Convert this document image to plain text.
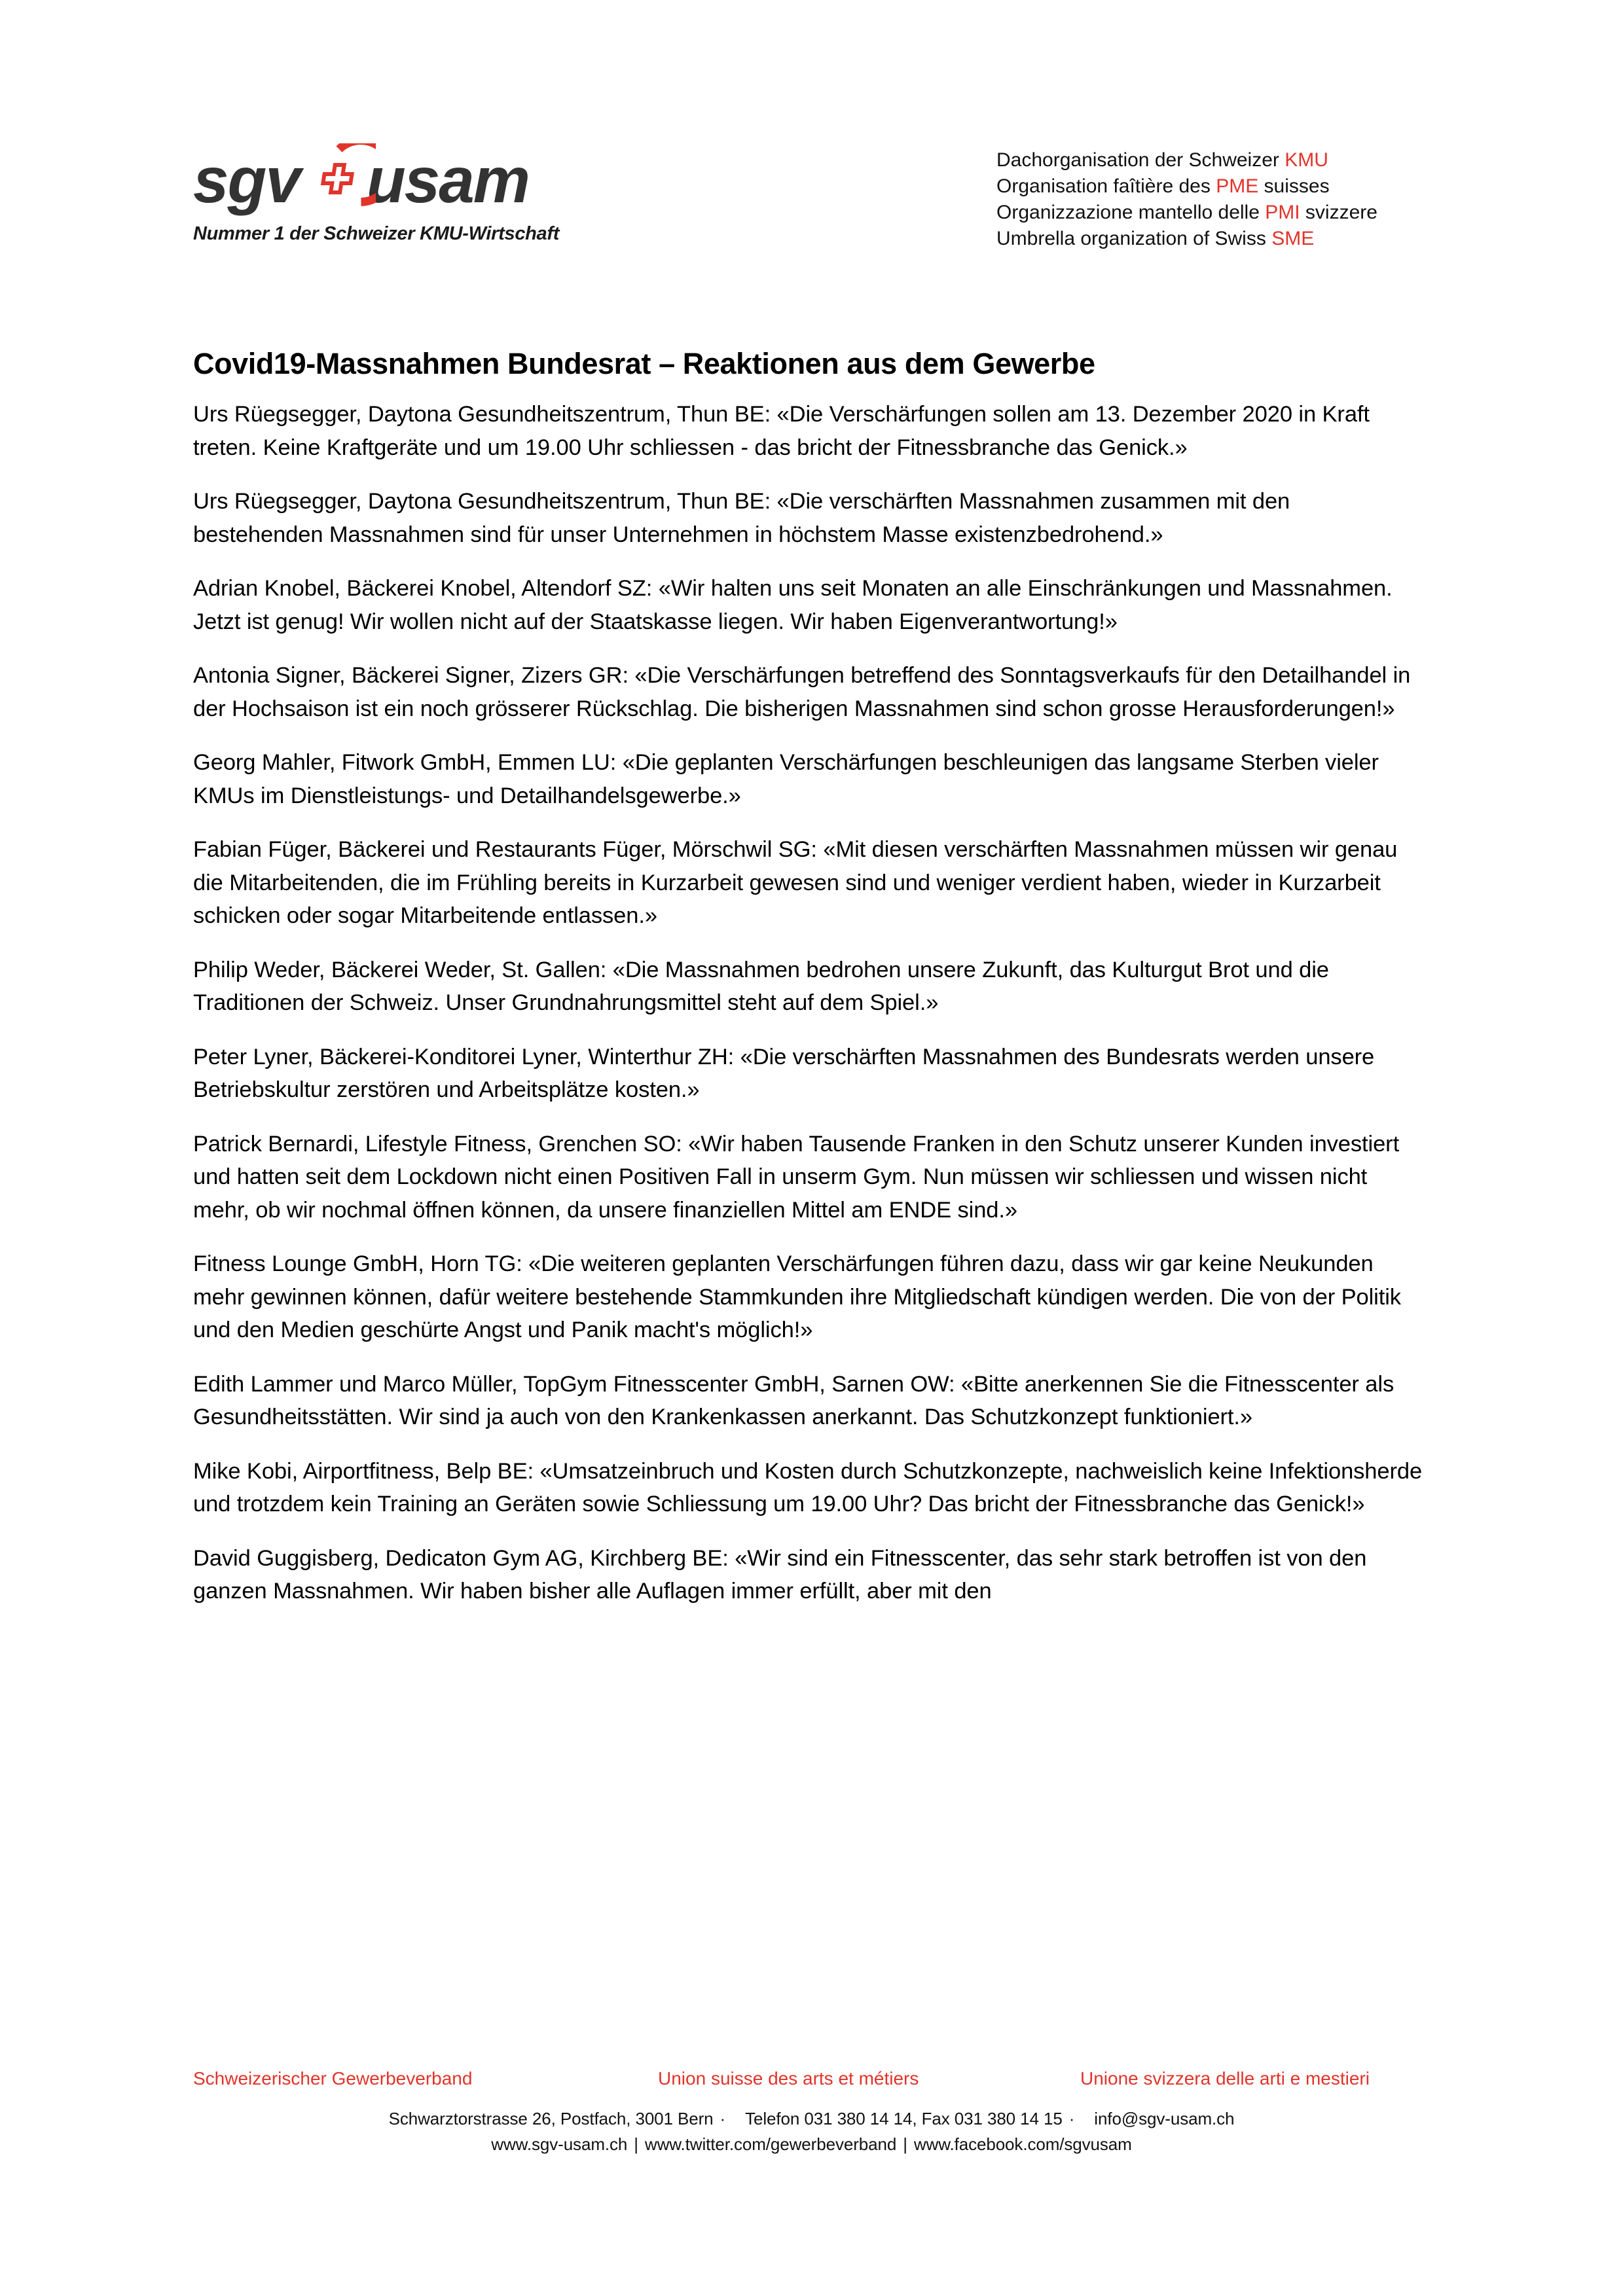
sgv usam
Nummer 1 der Schweizer KMU-Wirtschaft
Dachorganisation der Schweizer KMU
Organisation faîtière des PME suisses
Organizzazione mantello delle PMI svizzere
Umbrella organization of Swiss SME
Covid19-Massnahmen Bundesrat – Reaktionen aus dem Gewerbe

Urs Rüegsegger, Daytona Gesundheitszentrum, Thun BE: «Die Verschärfungen sollen am 13. Dezember 2020 in Kraft treten. Keine Kraftgeräte und um 19.00 Uhr schliessen - das bricht der Fitnessbranche das Genick.»

Urs Rüegsegger, Daytona Gesundheitszentrum, Thun BE: «Die verschärften Massnahmen zusammen mit den bestehenden Massnahmen sind für unser Unternehmen in höchstem Masse existenzbedrohend.»

Adrian Knobel, Bäckerei Knobel, Altendorf SZ: «Wir halten uns seit Monaten an alle Einschränkungen und Massnahmen. Jetzt ist genug! Wir wollen nicht auf der Staatskasse liegen. Wir haben Eigenverantwortung!»

Antonia Signer, Bäckerei Signer, Zizers GR: «Die Verschärfungen betreffend des Sonntagsverkaufs für den Detailhandel in der Hochsaison ist ein noch grösserer Rückschlag. Die bisherigen Massnahmen sind schon grosse Herausforderungen!»

Georg Mahler, Fitwork GmbH, Emmen LU: «Die geplanten Verschärfungen beschleunigen das langsame Sterben vieler KMUs im Dienstleistungs- und Detailhandelsgewerbe.»

Fabian Füger, Bäckerei und Restaurants Füger, Mörschwil SG: «Mit diesen verschärften Massnahmen müssen wir genau die Mitarbeitenden, die im Frühling bereits in Kurzarbeit gewesen sind und weniger verdient haben, wieder in Kurzarbeit schicken oder sogar Mitarbeitende entlassen.»

Philip Weder, Bäckerei Weder, St. Gallen: «Die Massnahmen bedrohen unsere Zukunft, das Kulturgut Brot und die Traditionen der Schweiz. Unser Grundnahrungsmittel steht auf dem Spiel.»

Peter Lyner, Bäckerei-Konditorei Lyner, Winterthur ZH: «Die verschärften Massnahmen des Bundesrats werden unsere Betriebskultur zerstören und Arbeitsplätze kosten.»

Patrick Bernardi, Lifestyle Fitness, Grenchen SO: «Wir haben Tausende Franken in den Schutz unserer Kunden investiert und hatten seit dem Lockdown nicht einen Positiven Fall in unserm Gym. Nun müssen wir schliessen und wissen nicht mehr, ob wir nochmal öffnen können, da unsere finanziellen Mittel am ENDE sind.»

Fitness Lounge GmbH, Horn TG: «Die weiteren geplanten Verschärfungen führen dazu, dass wir gar keine Neukunden mehr gewinnen können, dafür weitere bestehende Stammkunden ihre Mitgliedschaft kündigen werden. Die von der Politik und den Medien geschürte Angst und Panik macht's möglich!»

Edith Lammer und Marco Müller, TopGym Fitnesscenter GmbH, Sarnen OW: «Bitte anerkennen Sie die Fitnesscenter als Gesundheitsstätten. Wir sind ja auch von den Krankenkassen anerkannt. Das Schutzkonzept funktioniert.»

Mike Kobi, Airportfitness, Belp BE: «Umsatzeinbruch und Kosten durch Schutzkonzepte, nachweislich keine Infektionsherde und trotzdem kein Training an Geräten sowie Schliessung um 19.00 Uhr? Das bricht der Fitnessbranche das Genick!»

David Guggisberg, Dedicaton Gym AG, Kirchberg BE: «Wir sind ein Fitnesscenter, das sehr stark betroffen ist von den ganzen Massnahmen. Wir haben bisher alle Auflagen immer erfüllt, aber mit den

Schweizerischer Gewerbeverband	Union suisse des arts et métiers	Unione svizzera delle arti e mestieri
Schwarztorstrasse 26, Postfach, 3001 Bern · Telefon 031 380 14 14, Fax 031 380 14 15 · info@sgv-usam.ch
www.sgv-usam.ch | www.twitter.com/gewerbeverband | www.facebook.com/sgvusam
